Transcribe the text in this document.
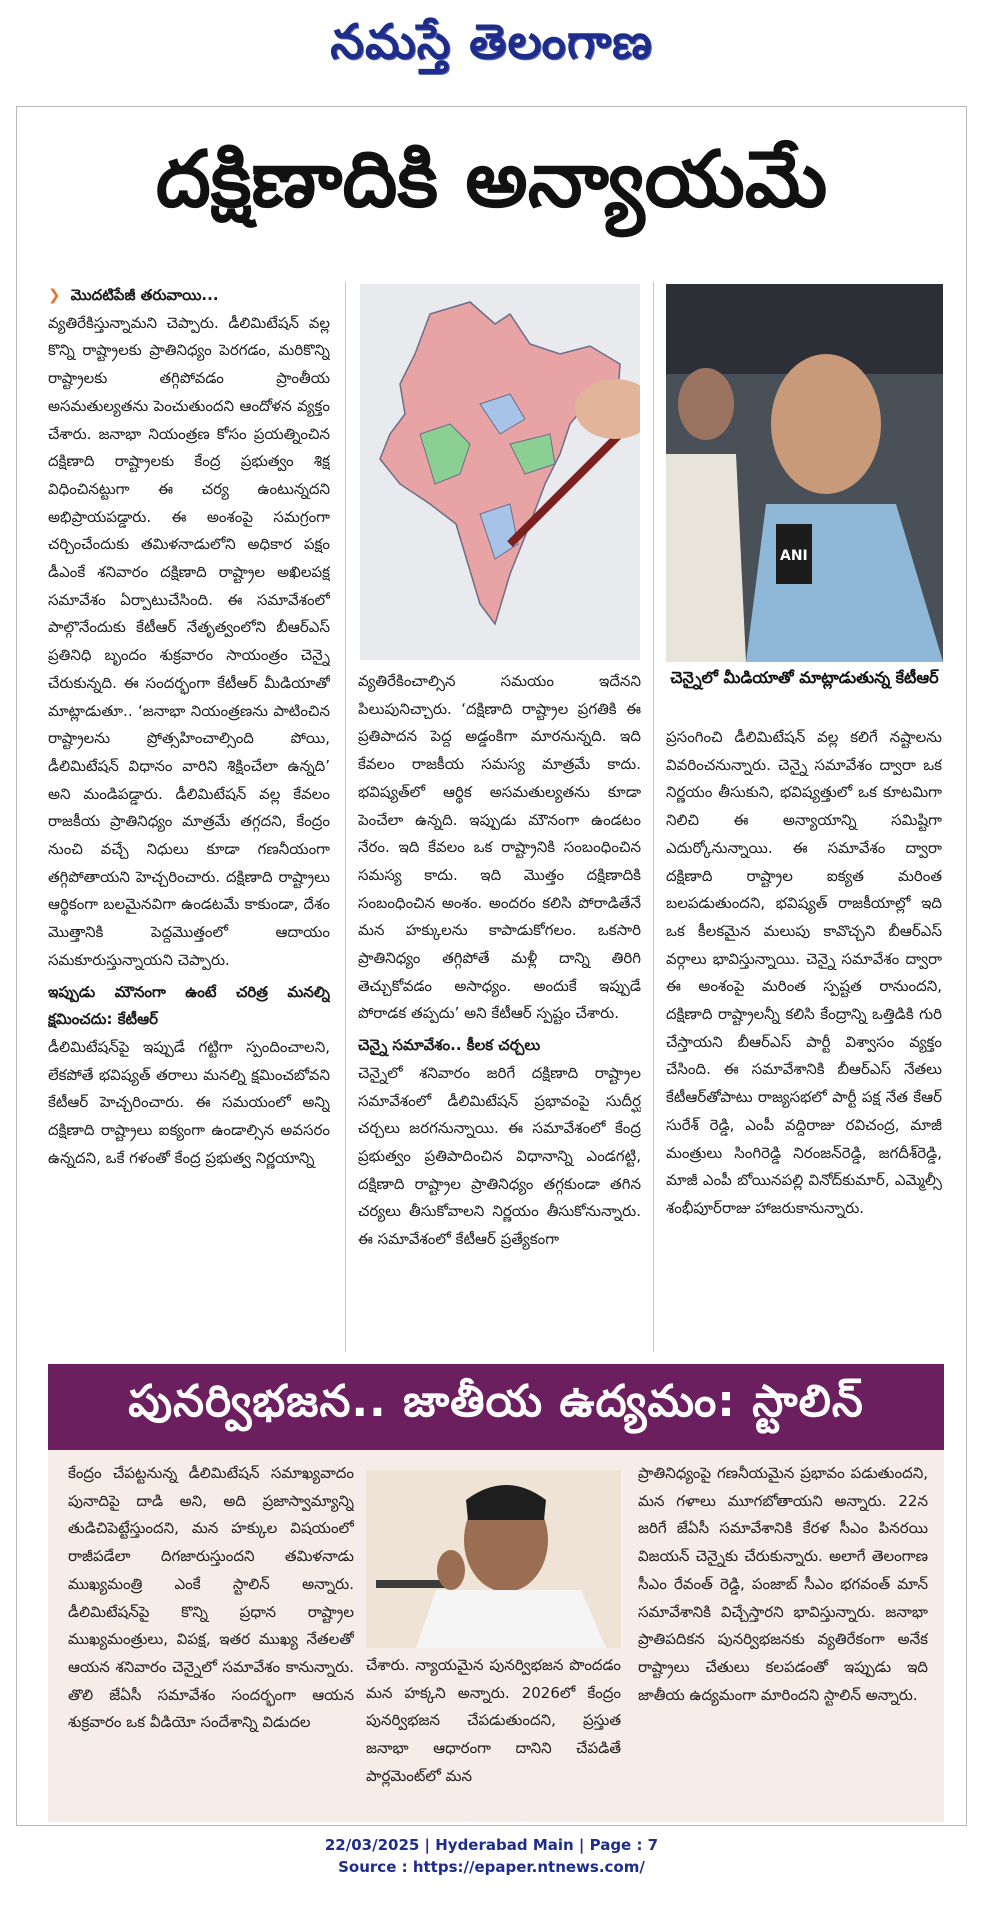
నమస్తే తెలంగాణ
దక్షిణాదికి అన్యాయమే

❯ మొదటిపేజీ తరువాయి...

వ్యతిరేకిస్తున్నామని చెప్పారు. డీలిమిటేషన్ వల్ల కొన్ని రాష్ట్రాలకు ప్రాతినిధ్యం పెరగడం, మరికొన్ని రాష్ట్రాలకు తగ్గిపోవడం ప్రాంతీయ అసమతుల్యతను పెంచుతుందని ఆందోళన వ్యక్తం చేశారు. జనాభా నియంత్రణ కోసం ప్రయత్నించిన దక్షిణాది రాష్ట్రాలకు కేంద్ర ప్రభుత్వం శిక్ష విధించినట్టుగా ఈ చర్య ఉంటున్నదని అభిప్రాయపడ్డారు. ఈ అంశంపై సమగ్రంగా చర్చించేందుకు తమిళనాడులోని అధికార పక్షం డీఎంకే శనివారం దక్షిణాది రాష్ట్రాల అఖిలపక్ష సమావేశం ఏర్పాటుచేసింది. ఈ సమావేశంలో పాల్గొనేందుకు కేటీఆర్ నేతృత్వంలోని బీఆర్ఎస్ ప్రతినిధి బృందం శుక్రవారం సాయంత్రం చెన్నై చేరుకున్నది. ఈ సందర్భంగా కేటీఆర్ మీడియాతో మాట్లాడుతూ.. ‘జనాభా నియంత్రణను పాటించిన రాష్ట్రాలను ప్రోత్సహించాల్సింది పోయి, డీలిమిటేషన్ విధానం వారిని శిక్షించేలా ఉన్నది’ అని మండిపడ్డారు. డీలిమిటేషన్ వల్ల కేవలం రాజకీయ ప్రాతినిధ్యం మాత్రమే తగ్గదని, కేంద్రం నుంచి వచ్చే నిధులు కూడా గణనీయంగా తగ్గిపోతాయని హెచ్చరించారు. దక్షిణాది రాష్ట్రాలు ఆర్థికంగా బలమైనవిగా ఉండటమే కాకుండా, దేశం మొత్తానికి పెద్దమొత్తంలో ఆదాయం సమకూరుస్తున్నాయని చెప్పారు.

ఇప్పుడు మౌనంగా ఉంటే చరిత్ర మనల్ని క్షమించదు: కేటీఆర్

డీలిమిటేషన్‌పై ఇప్పుడే గట్టిగా స్పందించాలని, లేకపోతే భవిష్యత్ తరాలు మనల్ని క్షమించబోవని కేటీఆర్ హెచ్చరించారు. ఈ సమయంలో అన్ని దక్షిణాది రాష్ట్రాలు ఐక్యంగా ఉండాల్సిన అవసరం ఉన్నదని, ఒకే గళంతో కేంద్ర ప్రభుత్వ నిర్ణయాన్ని

వ్యతిరేకించాల్సిన సమయం ఇదేనని పిలుపునిచ్చారు. ‘దక్షిణాది రాష్ట్రాల ప్రగతికి ఈ ప్రతిపాదన పెద్ద అడ్డంకిగా మారనున్నది. ఇది కేవలం రాజకీయ సమస్య మాత్రమే కాదు. భవిష్యత్‌లో ఆర్థిక అసమతుల్యతను కూడా పెంచేలా ఉన్నది. ఇప్పుడు మౌనంగా ఉండటం నేరం. ఇది కేవలం ఒక రాష్ట్రానికి సంబంధించిన సమస్య కాదు. ఇది మొత్తం దక్షిణాదికి సంబంధించిన అంశం. అందరం కలిసి పోరాడితేనే మన హక్కులను కాపాడుకోగలం. ఒకసారి ప్రాతినిధ్యం తగ్గిపోతే మళ్లీ దాన్ని తిరిగి తెచ్చుకోవడం అసాధ్యం. అందుకే ఇప్పుడే పోరాడక తప్పదు’ అని కేటీఆర్ స్పష్టం చేశారు.

చెన్నై సమావేశం.. కీలక చర్చలు

చెన్నైలో శనివారం జరిగే దక్షిణాది రాష్ట్రాల సమావేశంలో డీలిమిటేషన్ ప్రభావంపై సుదీర్ఘ చర్చలు జరగనున్నాయి. ఈ సమావేశంలో కేంద్ర ప్రభుత్వం ప్రతిపాదించిన విధానాన్ని ఎండగట్టి, దక్షిణాది రాష్ట్రాల ప్రాతినిధ్యం తగ్గకుండా తగిన చర్యలు తీసుకోవాలని నిర్ణయం తీసుకోనున్నారు. ఈ సమావేశంలో కేటీఆర్ ప్రత్యేకంగా

ANI
చెన్నైలో మీడియాతో మాట్లాడుతున్న కేటీఆర్

ప్రసంగించి డీలిమిటేషన్ వల్ల కలిగే నష్టాలను వివరించనున్నారు. చెన్నై సమావేశం ద్వారా ఒక నిర్ణయం తీసుకుని, భవిష్యత్తులో ఒక కూటమిగా నిలిచి ఈ అన్యాయాన్ని సమిష్టిగా ఎదుర్కోనున్నాయి. ఈ సమావేశం ద్వారా దక్షిణాది రాష్ట్రాల ఐక్యత మరింత బలపడుతుందని, భవిష్యత్ రాజకీయాల్లో ఇది ఒక కీలకమైన మలుపు కావొచ్చని బీఆర్ఎస్ వర్గాలు భావిస్తున్నాయి. చెన్నై సమావేశం ద్వారా ఈ అంశంపై మరింత స్పష్టత రానుందని, దక్షిణాది రాష్ట్రాలన్నీ కలిసి కేంద్రాన్ని ఒత్తిడికి గురి చేస్తాయని బీఆర్ఎస్ పార్టీ విశ్వాసం వ్యక్తం చేసింది. ఈ సమావేశానికి బీఆర్ఎస్ నేతలు కేటీఆర్‌తోపాటు రాజ్యసభలో పార్టీ పక్ష నేత కేఆర్ సురేశ్ రెడ్డి, ఎంపీ వద్దిరాజు రవిచంద్ర, మాజీ మంత్రులు సింగిరెడ్డి నిరంజన్‌రెడ్డి, జగదీశ్‌రెడ్డి, మాజీ ఎంపీ బోయినపల్లి వినోద్‌కుమార్, ఎమ్మెల్సీ శంభీపూర్‌రాజు హాజరుకానున్నారు.

పునర్విభజన.. జాతీయ ఉద్యమం: స్టాలిన్

కేంద్రం చేపట్టనున్న డీలిమిటేషన్ సమాఖ్యవాదం పునాదిపై దాడి అని, అది ప్రజాస్వామ్యాన్ని తుడిచిపెట్టేస్తుందని, మన హక్కుల విషయంలో రాజీపడేలా దిగజారుస్తుందని తమిళనాడు ముఖ్యమంత్రి ఎంకే స్టాలిన్ అన్నారు. డీలిమిటేషన్‌పై కొన్ని ప్రధాన రాష్ట్రాల ముఖ్యమంత్రులు, విపక్ష, ఇతర ముఖ్య నేతలతో ఆయన శనివారం చెన్నైలో సమావేశం కానున్నారు. తొలి జేఏసీ సమావేశం సందర్భంగా ఆయన శుక్రవారం ఒక వీడియో సందేశాన్ని విడుదల

చేశారు. న్యాయమైన పునర్విభజన పొందడం మన హక్కని అన్నారు. 2026లో కేంద్రం పునర్విభజన చేపడుతుందని, ప్రస్తుత జనాభా ఆధారంగా దానిని చేపడితే పార్లమెంట్‌లో మన

ప్రాతినిధ్యంపై గణనీయమైన ప్రభావం పడుతుందని, మన గళాలు మూగబోతాయని అన్నారు. 22న జరిగే జేఏసీ సమావేశానికి కేరళ సీఎం పినరయి విజయన్ చెన్నైకు చేరుకున్నారు. అలాగే తెలంగాణ సీఎం రేవంత్ రెడ్డి, పంజాబ్ సీఎం భగవంత్ మాన్ సమావేశానికి విచ్చేస్తారని భావిస్తున్నారు. జనాభా ప్రాతిపదికన పునర్విభజనకు వ్యతిరేకంగా అనేక రాష్ట్రాలు చేతులు కలపడంతో ఇప్పుడు ఇది జాతీయ ఉద్యమంగా మారిందని స్టాలిన్ అన్నారు.

22/03/2025 | Hyderabad Main | Page : 7
Source : https://epaper.ntnews.com/
